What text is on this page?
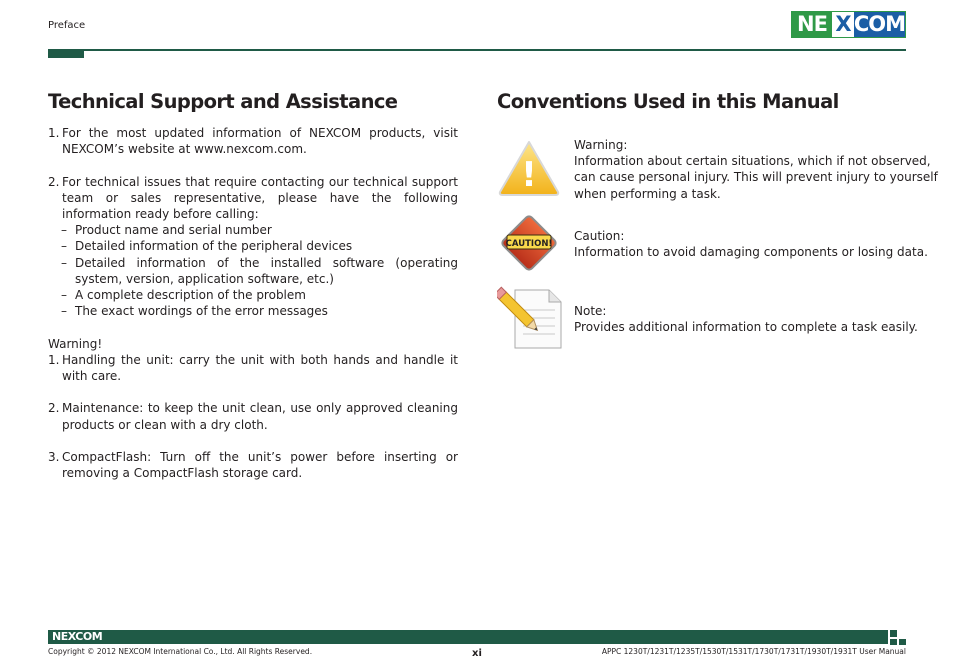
Preface	NE X COM
Technical Support and Assistance
1. For the most updated information of NEXCOM products, visit NEXCOM’s website at www.nexcom.com.
2. For technical issues that require contacting our technical support team or sales representative, please have the following information ready before calling:
– Product name and serial number
– Detailed information of the peripheral devices
– Detailed information of the installed software (operating system, version, application software, etc.)
– A complete description of the problem
– The exact wordings of the error messages
Warning!
1. Handling the unit: carry the unit with both hands and handle it with care.
2. Maintenance: to keep the unit clean, use only approved cleaning products or clean with a dry cloth.
3. CompactFlash: Turn off the unit’s power before inserting or removing a CompactFlash storage card.
Conventions Used in this Manual
!

Warning:

Information about certain situations, which if not observed,

can cause personal injury. This will prevent injury to yourself

when performing a task.

CAUTION!

Caution:

Information to avoid damaging components or losing data.

Note:

Provides additional information to complete a task easily.

NEXCOM
Copyright © 2012 NEXCOM International Co., Ltd. All Rights Reserved.	xi	APPC 1230T/1231T/1235T/1530T/1531T/1730T/1731T/1930T/1931T User Manual
